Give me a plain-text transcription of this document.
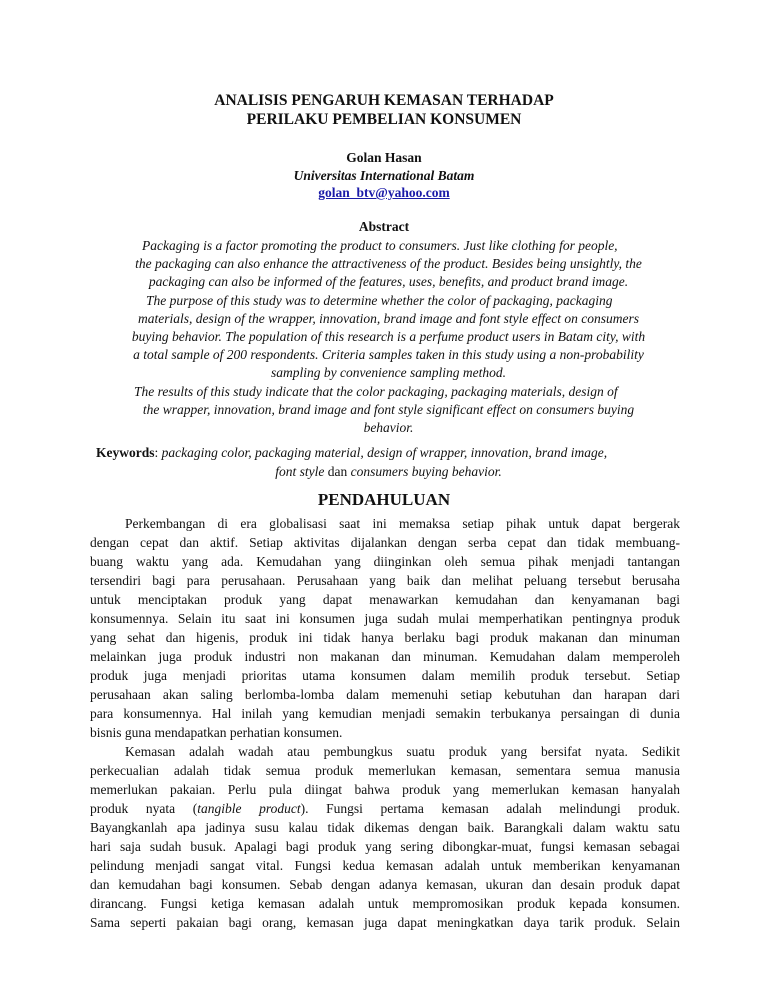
ANALISIS PENGARUH KEMASAN TERHADAP
PERILAKU PEMBELIAN KONSUMEN
Golan Hasan
Universitas International Batam
golan_btv@yahoo.com
Abstract
Packaging is a factor promoting the product to consumers. Just like clothing for people,
the packaging can also enhance the attractiveness of the product. Besides being unsightly, the
packaging can also be informed of the features, uses, benefits, and product brand image.
The purpose of this study was to determine whether the color of packaging, packaging
materials, design of the wrapper, innovation, brand image and font style effect on consumers
buying behavior. The population of this research is a perfume product users in Batam city, with
a total sample of 200 respondents. Criteria samples taken in this study using a non-probability
sampling by convenience sampling method.
The results of this study indicate that the color packaging, packaging materials, design of
the wrapper, innovation, brand image and font style significant effect on consumers buying
behavior.
Keywords: packaging color, packaging material, design of wrapper, innovation, brand image,
font style dan consumers buying behavior.
PENDAHULUAN
Perkembangan di era globalisasi saat ini memaksa setiap pihak untuk dapat bergerak
dengan cepat dan aktif. Setiap aktivitas dijalankan dengan serba cepat dan tidak membuang-
buang waktu yang ada. Kemudahan yang diinginkan oleh semua pihak menjadi tantangan
tersendiri bagi para perusahaan. Perusahaan yang baik dan melihat peluang tersebut berusaha
untuk menciptakan produk yang dapat menawarkan kemudahan dan kenyamanan bagi
konsumennya. Selain itu saat ini konsumen juga sudah mulai memperhatikan pentingnya produk
yang sehat dan higenis, produk ini tidak hanya berlaku bagi produk makanan dan minuman
melainkan juga produk industri non makanan dan minuman. Kemudahan dalam memperoleh
produk juga menjadi prioritas utama konsumen dalam memilih produk tersebut. Setiap
perusahaan akan saling berlomba-lomba dalam memenuhi setiap kebutuhan dan harapan dari
para konsumennya. Hal inilah yang kemudian menjadi semakin terbukanya persaingan di dunia
bisnis guna mendapatkan perhatian konsumen.
Kemasan adalah wadah atau pembungkus suatu produk yang bersifat nyata. Sedikit
perkecualian adalah tidak semua produk memerlukan kemasan, sementara semua manusia
memerlukan pakaian. Perlu pula diingat bahwa produk yang memerlukan kemasan hanyalah
produk nyata (tangible product). Fungsi pertama kemasan adalah melindungi produk.
Bayangkanlah apa jadinya susu kalau tidak dikemas dengan baik. Barangkali dalam waktu satu
hari saja sudah busuk. Apalagi bagi produk yang sering dibongkar-muat, fungsi kemasan sebagai
pelindung menjadi sangat vital. Fungsi kedua kemasan adalah untuk memberikan kenyamanan
dan kemudahan bagi konsumen. Sebab dengan adanya kemasan, ukuran dan desain produk dapat
dirancang. Fungsi ketiga kemasan adalah untuk mempromosikan produk kepada konsumen.
Sama seperti pakaian bagi orang, kemasan juga dapat meningkatkan daya tarik produk. Selain
